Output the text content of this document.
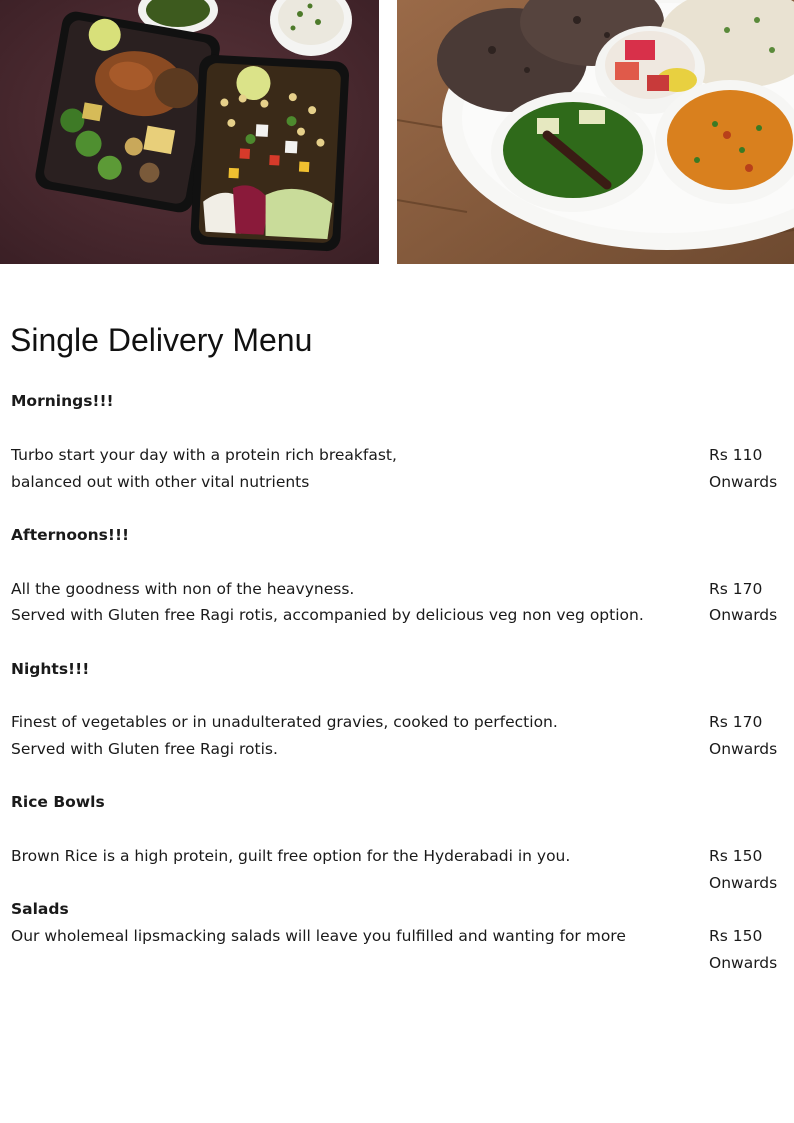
Single Delivery Menu

Mornings!!!

Turbo start your day with a protein rich breakfast,

balanced out with other vital nutrients

Rs 110

Onwards

Afternoons!!!

All the goodness with non of the heavyness.

Served with Gluten free Ragi rotis, accompanied by delicious veg non veg option.

Rs 170

Onwards

Nights!!!

Finest of vegetables or in unadulterated gravies, cooked to perfection.

Served with Gluten free Ragi rotis.

Rs 170

Onwards

Rice Bowls

Brown Rice is a high protein, guilt free option for the Hyderabadi in you.	Rs 150

Onwards

Salads

Our wholemeal lipsmacking salads will leave you fulfilled and wanting for more	Rs 150

Onwards
